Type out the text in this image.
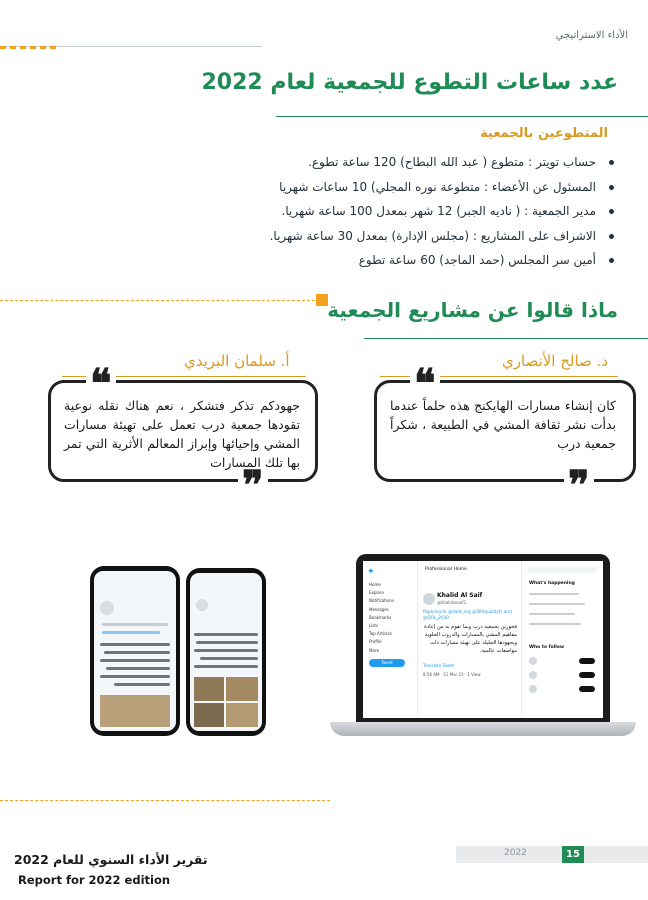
الأداء الاستراتيجي
عدد ساعات التطوع للجمعية لعام 2022
المتطوعين بالجمعية
حساب تويتر : متطوع ( عبد الله البطاح) 120 ساعة تطوع.
المسئول عن الأعضاء : متطوعة نوره المجلي) 10 ساعات شهريا
مدير الجمعية : ( ناديه الجبر) 12 شهر بمعدل 100 ساعة شهريا.
الاشراف على المشاريع : (مجلس الإدارة) بمعدل 30 ساعة شهريا.
أمين سر المجلس (حمد الماجد) 60 ساعة تطوع
ماذا قالوا عن مشاريع الجمعية
أ. سلمان البريدي
❝
❞
جهودكم تذكر فتشكر ، نعم هناك نقله نوعية تقودها جمعية درب تعمل على تهيئة مسارات المشي وإحيائها وإبراز المعالم الأثرية التي تمر بها تلك المسارات
د. صالح الأنصاري
❝
❞
كان إنشاء مسارات الهايكنج هذه حلماً عندما بدأت نشر ثقافة المشي في الطبيعة ، شكراً جمعية درب
✦
Home
Explore
Notifications
Messages
Bookmarks
Lists
Top Articles
Profile
More
Tweet
Professional Home
Khalid Al Saif
@khalidalsaif1
Replying to @darb_org @SPHqualityfs and @QOL_2030
فخورين بجمعية درب وبما تقوم به من إعادة مفاهيم المشي بالمسارات والدروب الخلوية وبجهودها الجليلة على تهيئة مسارات ذات مواصفات عالمية.
Translate Tweet
8:56 AM · 21 Mar 23 · 1 View
What's happening
Who to follow
تقرير الأداء السنوي للعام 2022
Report for 2022 edition
2022	15
